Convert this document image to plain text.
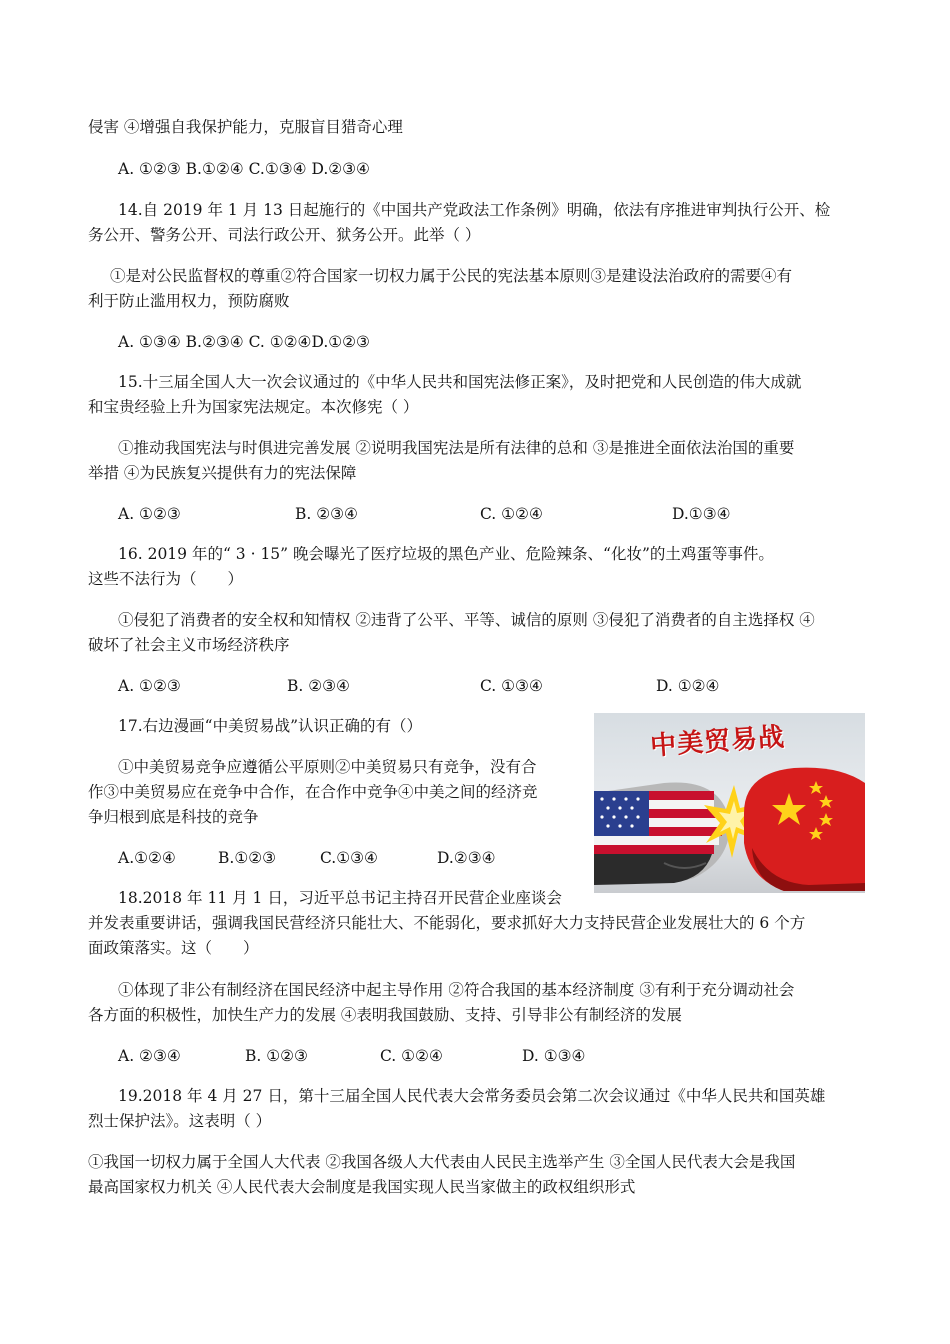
侵害 ④增强自我保护能力，克服盲目猎奇心理
A. ①②③ B.①②④ C.①③④ D.②③④
14.自 2019 年 1 月 13 日起施行的《中国共产党政法工作条例》明确，依法有序推进审判执行公开、检
务公开、警务公开、司法行政公开、狱务公开。此举（ ）
①是对公民监督权的尊重②符合国家一切权力属于公民的宪法基本原则③是建设法治政府的需要④有
利于防止滥用权力，预防腐败
A. ①③④ B.②③④ C. ①②④D.①②③
15.十三届全国人大一次会议通过的《中华人民共和国宪法修正案》，及时把党和人民创造的伟大成就
和宝贵经验上升为国家宪法规定。本次修宪（ ）
①推动我国宪法与时俱进完善发展 ②说明我国宪法是所有法律的总和 ③是推进全面依法治国的重要
举措 ④为民族复兴提供有力的宪法保障
A. ①②③	B. ②③④	C. ①②④	D.①③④
16. 2019 年的“ 3 · 15” 晚会曝光了医疗垃圾的黑色产业、危险辣条、“化妆”的土鸡蛋等事件。
这些不法行为（　　）
①侵犯了消费者的安全权和知情权 ②违背了公平、平等、诚信的原则 ③侵犯了消费者的自主选择权 ④
破坏了社会主义市场经济秩序
A. ①②③	B. ②③④	C. ①③④	D. ①②④
17.右边漫画“中美贸易战”认识正确的有（）
①中美贸易竞争应遵循公平原则②中美贸易只有竞争，没有合
作③中美贸易应在竞争中合作，在合作中竞争④中美之间的经济竞
争归根到底是科技的竞争
A.①②④	B.①②③	C.①③④	D.②③④
中美贸易战
18.2018 年 11 月 1 日，习近平总书记主持召开民营企业座谈会
并发表重要讲话，强调我国民营经济只能壮大、不能弱化，要求抓好大力支持民营企业发展壮大的 6 个方
面政策落实。这（　　）
①体现了非公有制经济在国民经济中起主导作用 ②符合我国的基本经济制度 ③有利于充分调动社会
各方面的积极性，加快生产力的发展 ④表明我国鼓励、支持、引导非公有制经济的发展
A. ②③④	B. ①②③	C. ①②④	D. ①③④
19.2018 年 4 月 27 日，第十三届全国人民代表大会常务委员会第二次会议通过《中华人民共和国英雄
烈士保护法》。这表明（ ）
①我国一切权力属于全国人大代表 ②我国各级人大代表由人民民主选举产生 ③全国人民代表大会是我国
最高国家权力机关 ④人民代表大会制度是我国实现人民当家做主的政权组织形式
